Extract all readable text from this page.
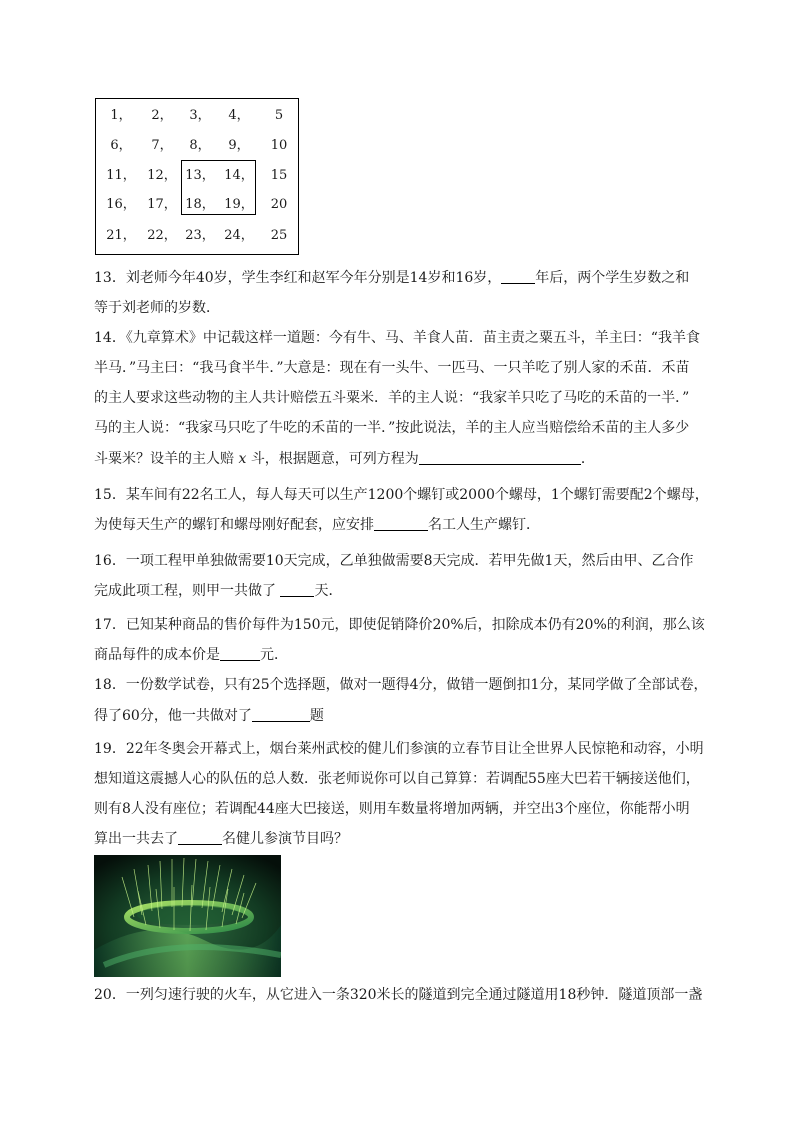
1，	2，	3，	4，	5
6，	7，	8，	9，	10
11， 12， 13， 14，	15
16， 17， 18， 19，	20
21， 22， 23， 24，	25
13．刘老师今年40岁，学生李红和赵军今年分别是14岁和16岁， 年后，两个学生岁数之和
等于刘老师的岁数．
14．《九章算术》中记载这样一道题：今有牛、马、羊食人苗．苗主责之粟五斗，羊主曰：“我羊食
半马．”马主曰：“我马食半牛．”大意是：现在有一头牛、一匹马、一只羊吃了别人家的禾苗．禾苗
的主人要求这些动物的主人共计赔偿五斗粟米．羊的主人说：“我家羊只吃了马吃的禾苗的一半．”
马的主人说：“我家马只吃了牛吃的禾苗的一半．”按此说法，羊的主人应当赔偿给禾苗的主人多少
斗粟米？设羊的主人赔 x 斗，根据题意，可列方程为	．
15．某车间有22名工人，每人每天可以生产1200个螺钉或2000个螺母，1个螺钉需要配2个螺母，
为使每天生产的螺钉和螺母刚好配套，应安排	名工人生产螺钉．
16．一项工程甲单独做需要10天完成，乙单独做需要8天完成．若甲先做1天，然后由甲、乙合作
完成此项工程，则甲一共做了 天．
17．已知某种商品的售价每件为150元，即使促销降价20%后，扣除成本仍有20%的利润，那么该
商品每件的成本价是	元．
18．一份数学试卷，只有25个选择题，做对一题得4分，做错一题倒扣1分，某同学做了全部试卷，
得了60分，他一共做对了	题
19．22年冬奥会开幕式上，烟台莱州武校的健儿们参演的立春节目让全世界人民惊艳和动容，小明
想知道这震撼人心的队伍的总人数．张老师说你可以自己算算：若调配55座大巴若干辆接送他们，
则有8人没有座位；若调配44座大巴接送，则用车数量将增加两辆，并空出3个座位，你能帮小明
算出一共去了	名健儿参演节目吗？
20．一列匀速行驶的火车，从它进入一条320米长的隧道到完全通过隧道用18秒钟．隧道顶部一盏
